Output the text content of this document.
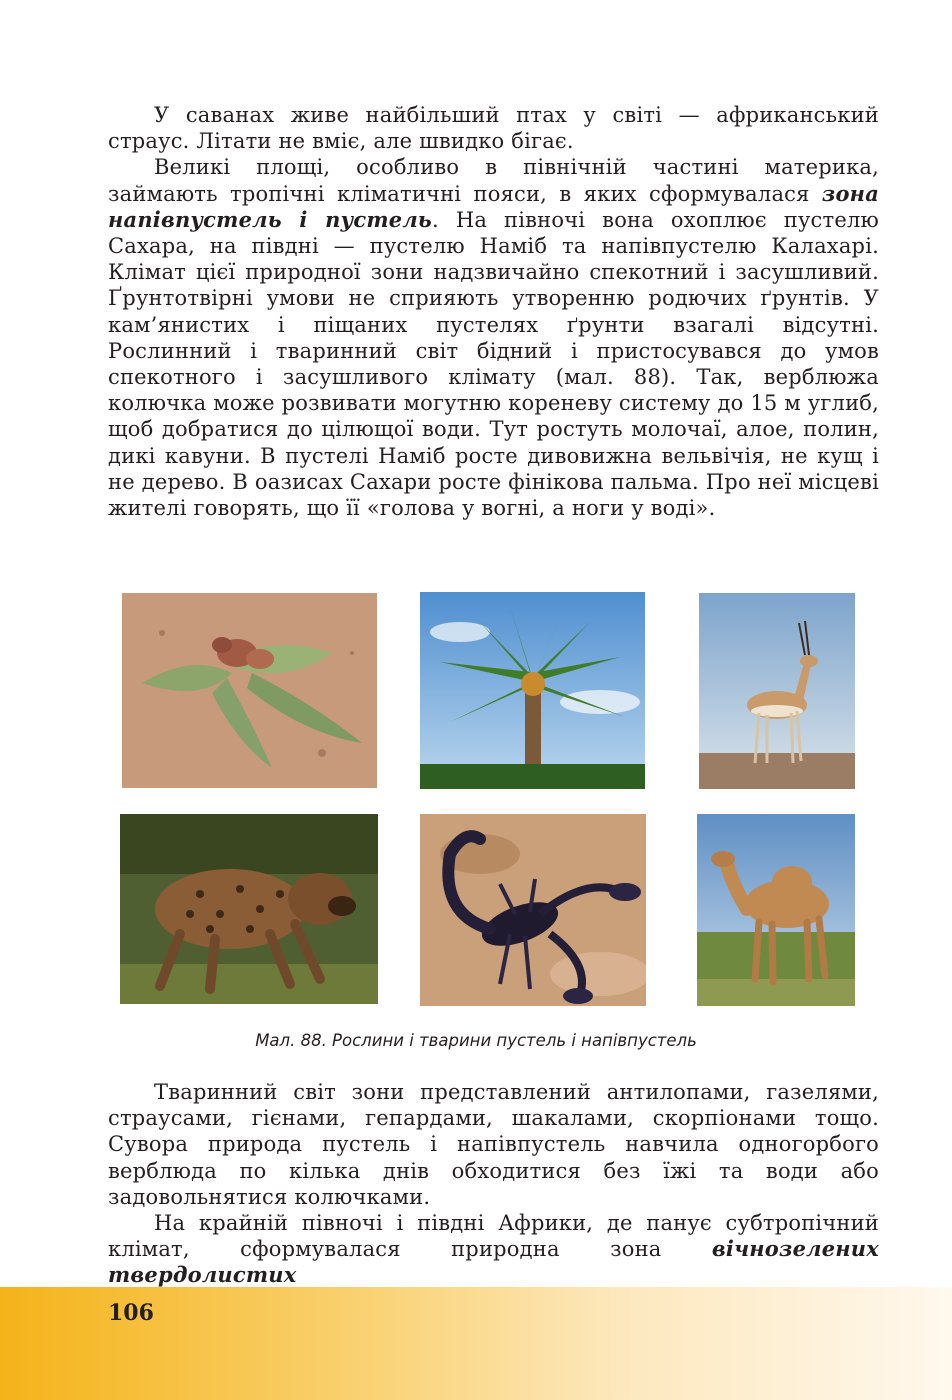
У саванах живе найбільший птах у світі — африканський страус. Літати не вміє, але швидко бігає.

Великі площі, особливо в північній частині материка, займають тропічні кліматичні пояси, в яких сформувалася зона напівпустель і пустель. На півночі вона охоплює пустелю Сахара, на півдні — пустелю Наміб та напівпустелю Калахарі. Клімат цієї природної зони надзвичайно спекотний і засушливий. Ґрунтотвірні умови не сприяють утворенню родючих ґрунтів. У кам’янистих і піщаних пустелях ґрунти взагалі відсутні. Рослинний і тваринний світ бідний і пристосувався до умов спекотного і засушливого клімату (мал. 88). Так, верблюжа колючка може розвивати могутню кореневу систему до 15 м углиб, щоб добратися до цілющої води. Тут ростуть молочаї, алое, полин, дикі кавуни. В пустелі Наміб росте дивовижна вельвічія, не кущ і не дерево. В оазисах Сахари росте фінікова пальма. Про неї місцеві жителі говорять, що її «голова у вогні, а ноги у воді».

Мал. 88. Рослини і тварини пустель і напівпустель

Тваринний світ зони представлений антилопами, газелями, страусами, гієнами, гепардами, шакалами, скорпіонами тощо. Сувора природа пустель і напівпустель навчила одногорбого верблюда по кілька днів обходитися без їжі та води або задовольнятися колючками.

На крайній півночі і півдні Африки, де панує субтропічний клімат, сформувалася природна зона вічнозелених твердолистих

106
